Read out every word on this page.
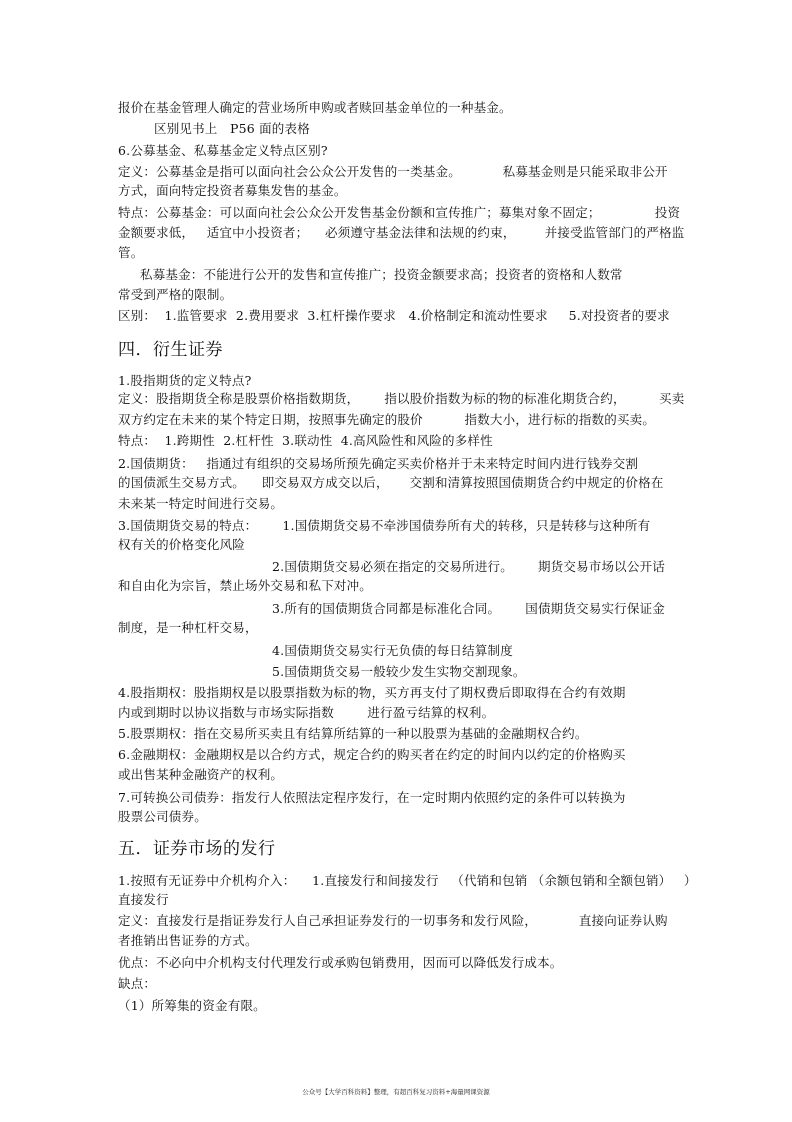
报价在基金管理人确定的营业场所申购或者赎回基金单位的一种基金。
区别见书上   P56 面的表格
6.公募基金、私募基金定义特点区别?
定义：公募基金是指可以面向社会公众公开发售的一类基金。          私募基金则是只能采取非公开
方式，面向特定投资者募集发售的基金。
特点：公募基金：可以面向社会公众公开发售基金份额和宣传推广；募集对象不固定；             投资
金额要求低，   适宜中小投资者；    必须遵守基金法律和法规的约束，       并接受监管部门的严格监
管。
私募基金：不能进行公开的发售和宣传推广；投资金额要求高；投资者的资格和人数常
常受到严格的限制。
区别：  1.监管要求  2.费用要求  3.杠杆操作要求   4.价格制定和流动性要求     5.对投资者的要求
四．衍生证券
1.股指期货的定义特点?
定义：股指期货全称是股票价格指数期货，      指以股价指数为标的物的标准化期货合约，        买卖
双方约定在未来的某个特定日期，按照事先确定的股价          指数大小，进行标的指数的买卖。
特点：  1.跨期性  2.杠杆性  3.联动性  4.高风险性和风险的多样性
2.国债期货：   指通过有组织的交易场所预先确定买卖价格并于未来特定时间内进行钱券交割
的国债派生交易方式。    即交易双方成交以后，     交割和清算按照国债期货合约中规定的价格在
未来某一特定时间进行交易。
3.国债期货交易的特点：      1.国债期货交易不牵涉国债券所有犬的转移，只是转移与这种所有
权有关的价格变化风险
2.国债期货交易必须在指定的交易所进行。      期货交易市场以公开话
和自由化为宗旨，禁止场外交易和私下对冲。
3.所有的国债期货合同都是标准化合同。      国债期货交易实行保证金
制度，是一种杠杆交易，
4.国债期货交易实行无负债的每日结算制度
5.国债期货交易一般较少发生实物交割现象。
4.股指期权：股指期权是以股票指数为标的物，买方再支付了期权费后即取得在合约有效期
内或到期时以协议指数与市场实际指数        进行盈亏结算的权利。
5.股票期权：指在交易所买卖且有结算所结算的一种以股票为基础的金融期权合约。
6.金融期权：金融期权是以合约方式，规定合约的购买者在约定的时间内以约定的价格购买
或出售某种金融资产的权利。
7.可转换公司债券：指发行人依照法定程序发行，在一定时期内依照约定的条件可以转换为
股票公司债券。
五．证券市场的发行
1.按照有无证券中介机构介入：    1.直接发行和间接发行   （代销和包销 （余额包销和全额包销）   ）
直接发行
定义：直接发行是指证券发行人自己承担证券发行的一切事务和发行风险，          直接向证券认购
者推销出售证券的方式。
优点：不必向中介机构支付代理发行或承购包销费用，因而可以降低发行成本。
缺点：
（1）所筹集的资金有限。
公众号【大学百科资料】整理，有超百科复习资料+海量网课资源
